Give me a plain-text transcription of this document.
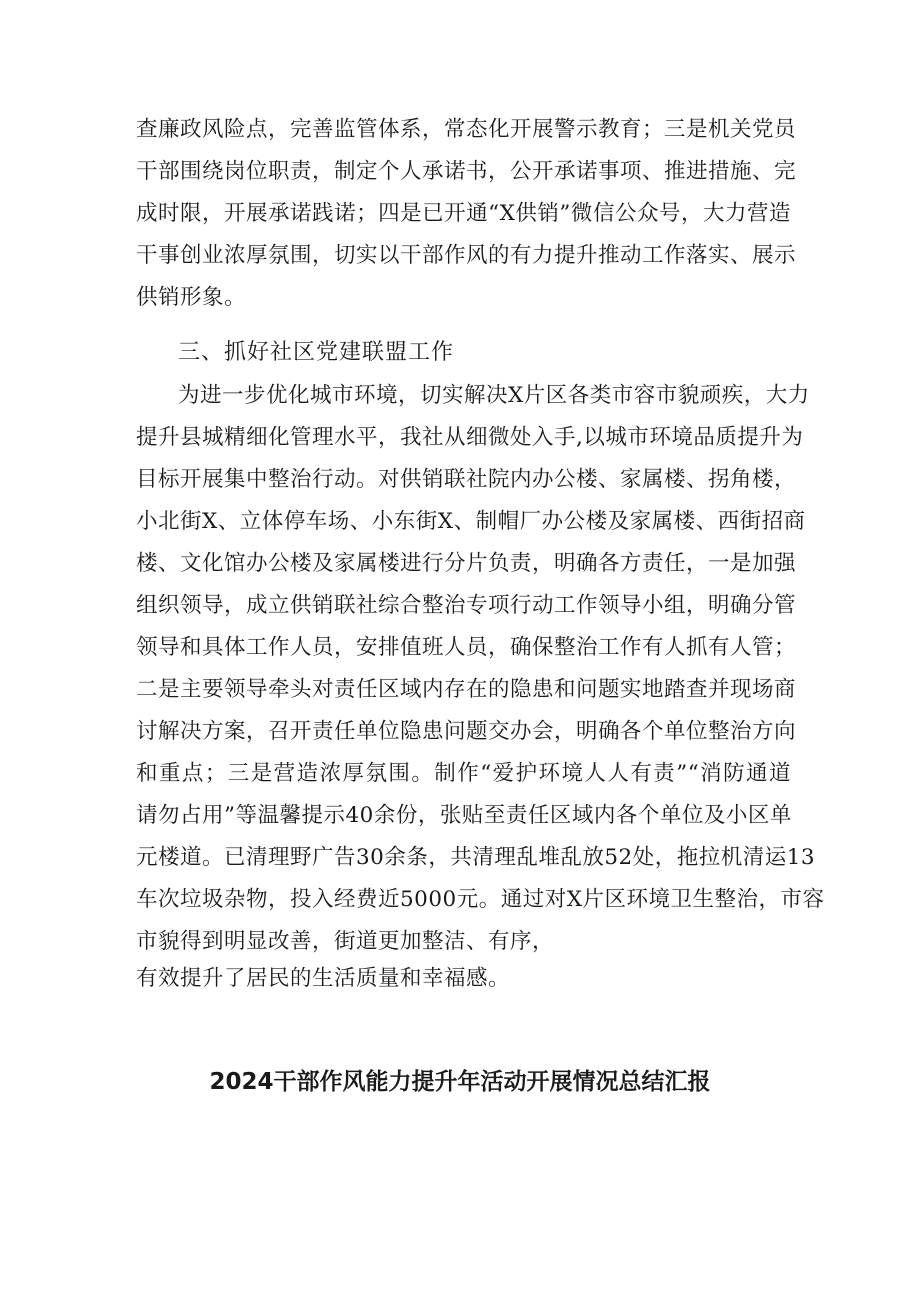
查廉政风险点，完善监管体系，常态化开展警示教育；三是机关党员
干部围绕岗位职责，制定个人承诺书，公开承诺事项、推进措施、完
成时限，开展承诺践诺；四是已开通“X供销”微信公众号，大力营造
干事创业浓厚氛围，切实以干部作风的有力提升推动工作落实、展示
供销形象。
三、抓好社区党建联盟工作
为进一步优化城市环境，切实解决X片区各类市容市貌顽疾，大力
提升县城精细化管理水平，我社从细微处入手,以城市环境品质提升为
目标开展集中整治行动。对供销联社院内办公楼、家属楼、拐角楼，
小北街X、立体停车场、小东街X、制帽厂办公楼及家属楼、西街招商
楼、文化馆办公楼及家属楼进行分片负责，明确各方责任，一是加强
组织领导，成立供销联社综合整治专项行动工作领导小组，明确分管
领导和具体工作人员，安排值班人员，确保整治工作有人抓有人管；
二是主要领导牵头对责任区域内存在的隐患和问题实地踏查并现场商
讨解决方案，召开责任单位隐患问题交办会，明确各个单位整治方向
和重点；三是营造浓厚氛围。制作“爱护环境人人有责”“消防通道
请勿占用”等温馨提示40余份，张贴至责任区域内各个单位及小区单
元楼道。已清理野广告30余条，共清理乱堆乱放52处，拖拉机清运13
车次垃圾杂物，投入经费近5000元。通过对X片区环境卫生整治，市容
市貌得到明显改善，街道更加整洁、有序，
有效提升了居民的生活质量和幸福感。
2024干部作风能力提升年活动开展情况总结汇报
